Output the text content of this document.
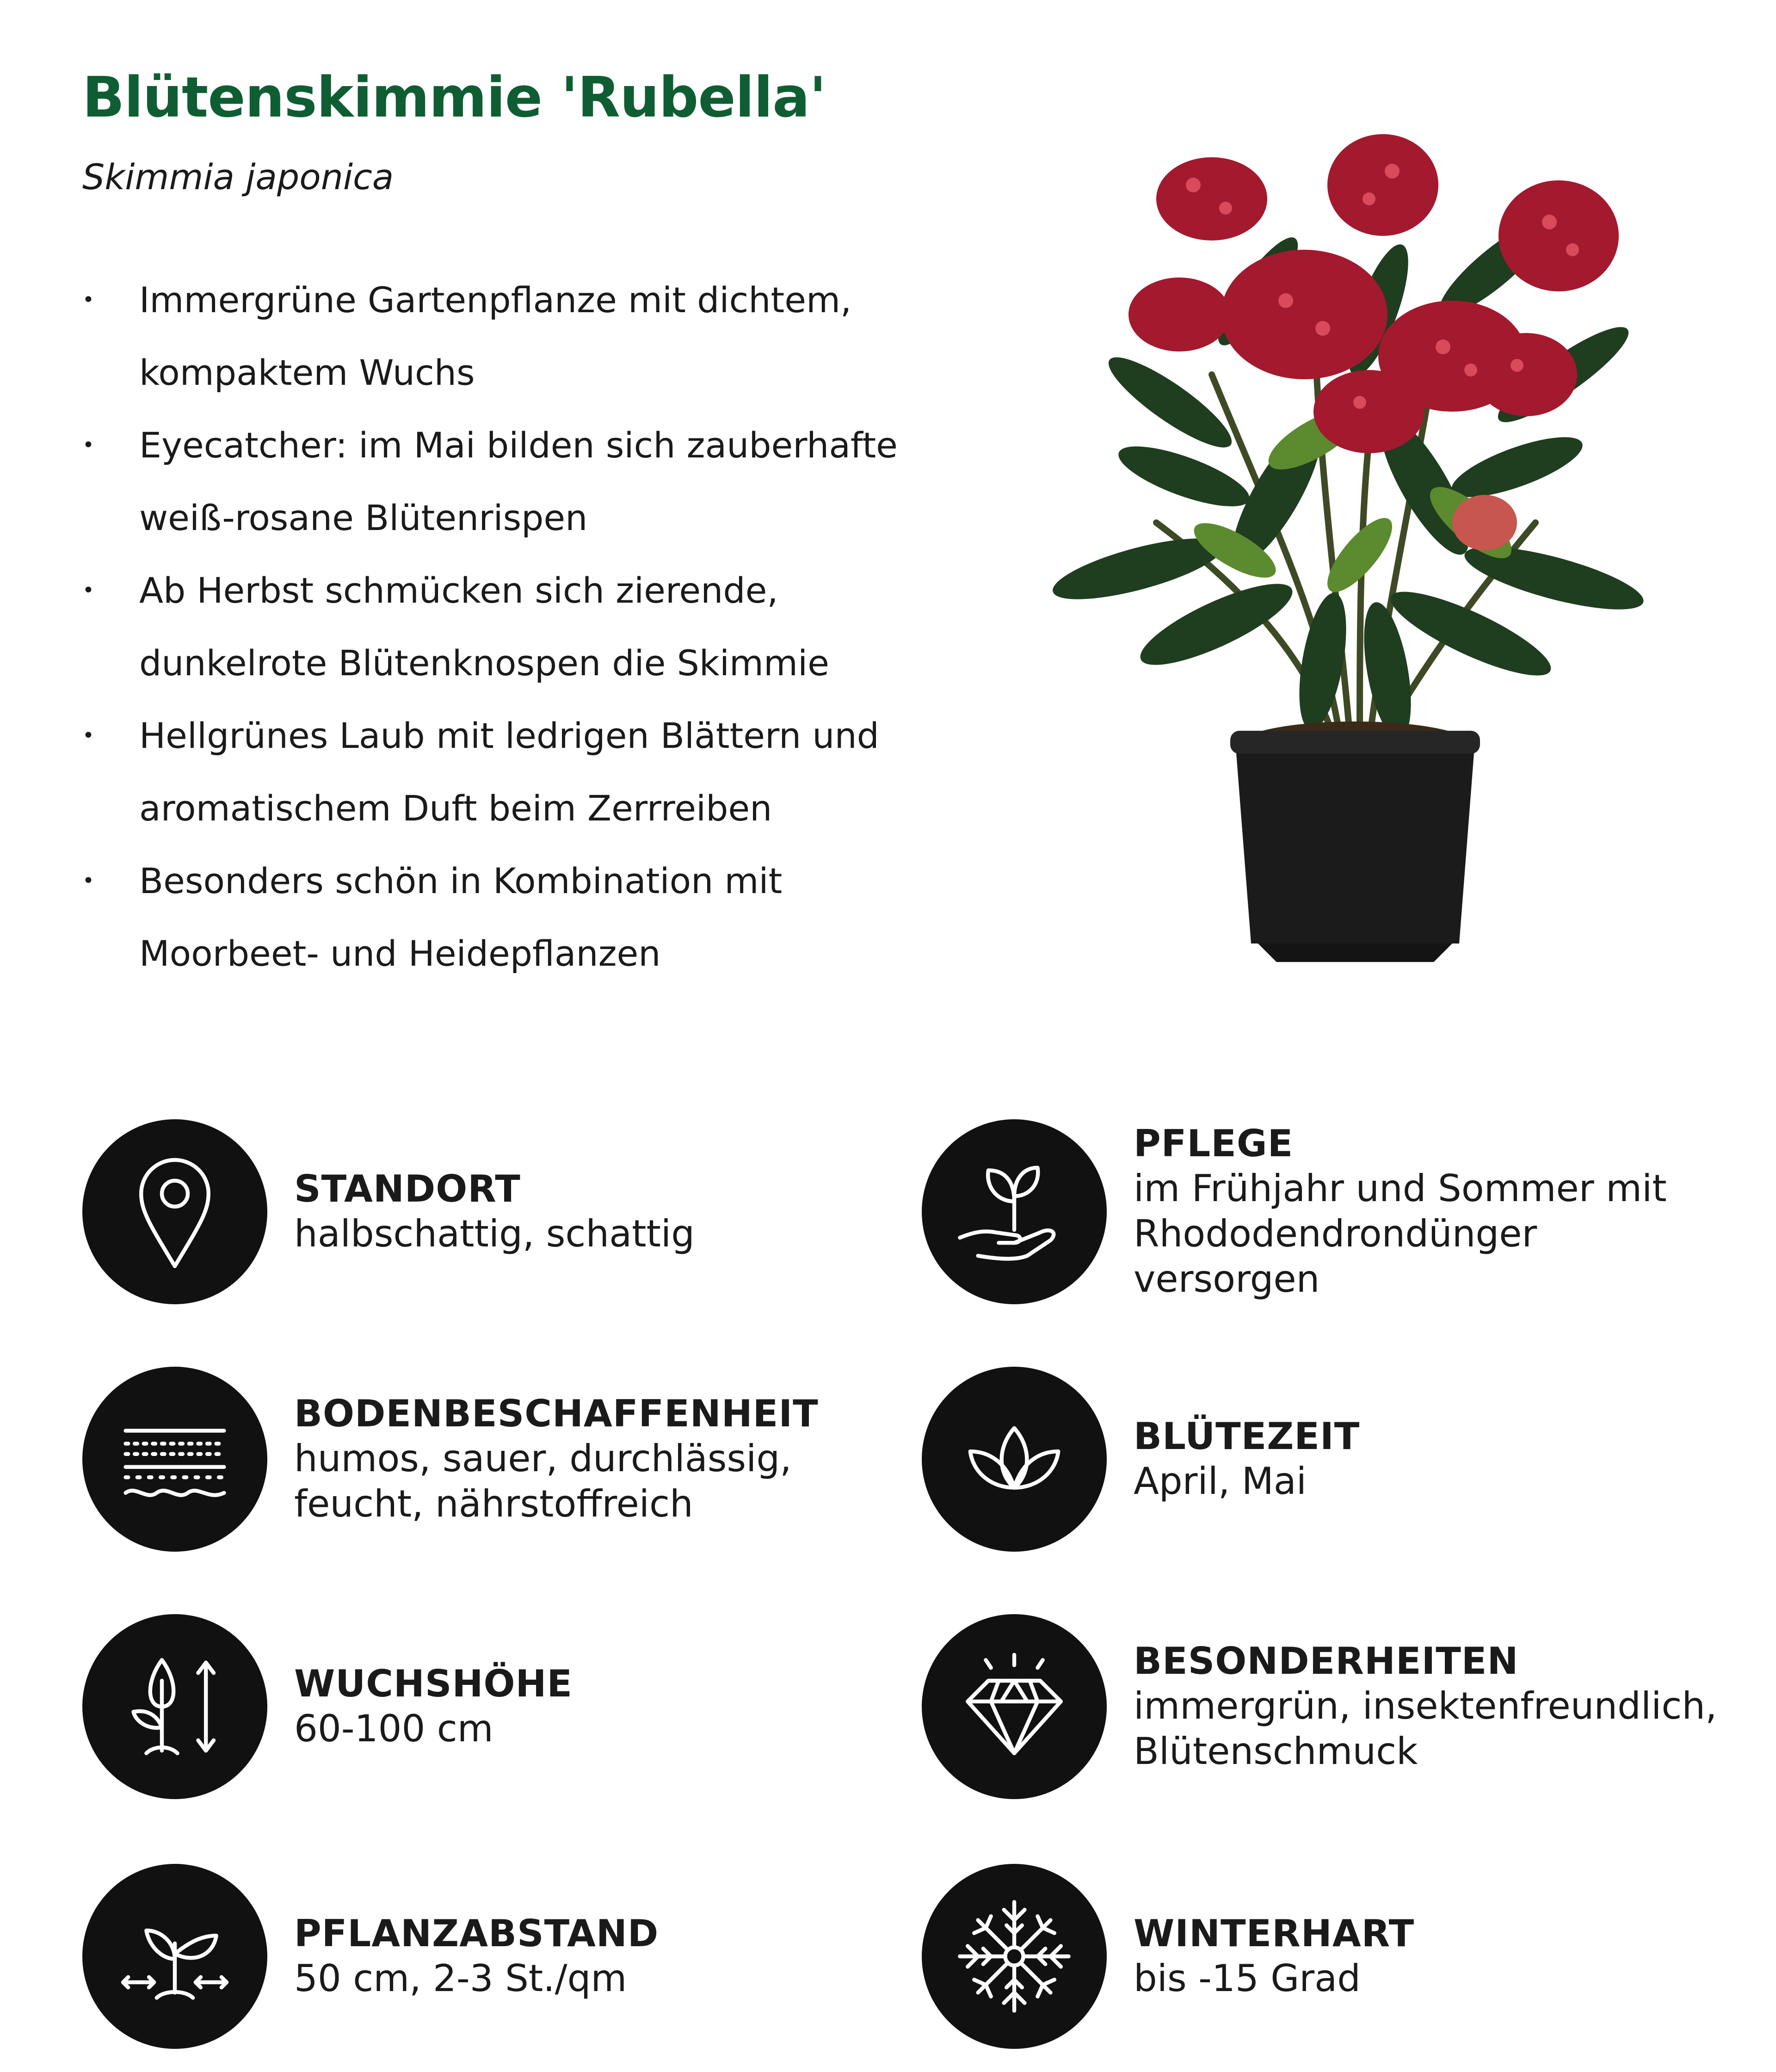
Blütenskimmie 'Rubella'
Skimmia japonica
• Immergrüne Gartenpflanze mit dichtem,
kompaktem Wuchs
• Eyecatcher: im Mai bilden sich zauberhafte
weiß-rosane Blütenrispen
• Ab Herbst schmücken sich zierende,
dunkelrote Blütenknospen die Skimmie
• Hellgrünes Laub mit ledrigen Blättern und
aromatischem Duft beim Zerrreiben
• Besonders schön in Kombination mit
Moorbeet- und Heidepflanzen
STANDORT
halbschattig, schattig
PFLEGE
im Frühjahr und Sommer mit
Rhododendrondünger versorgen
BODENBESCHAFFENHEIT
humos, sauer, durchlässig,
feucht, nährstoffreich
BLÜTEZEIT
April, Mai
WUCHSHÖHE
60-100 cm
BESONDERHEITEN
immergrün, insektenfreundlich,
Blütenschmuck
PFLANZABSTAND
50 cm, 2-3 St./qm
WINTERHART
bis -15 Grad
